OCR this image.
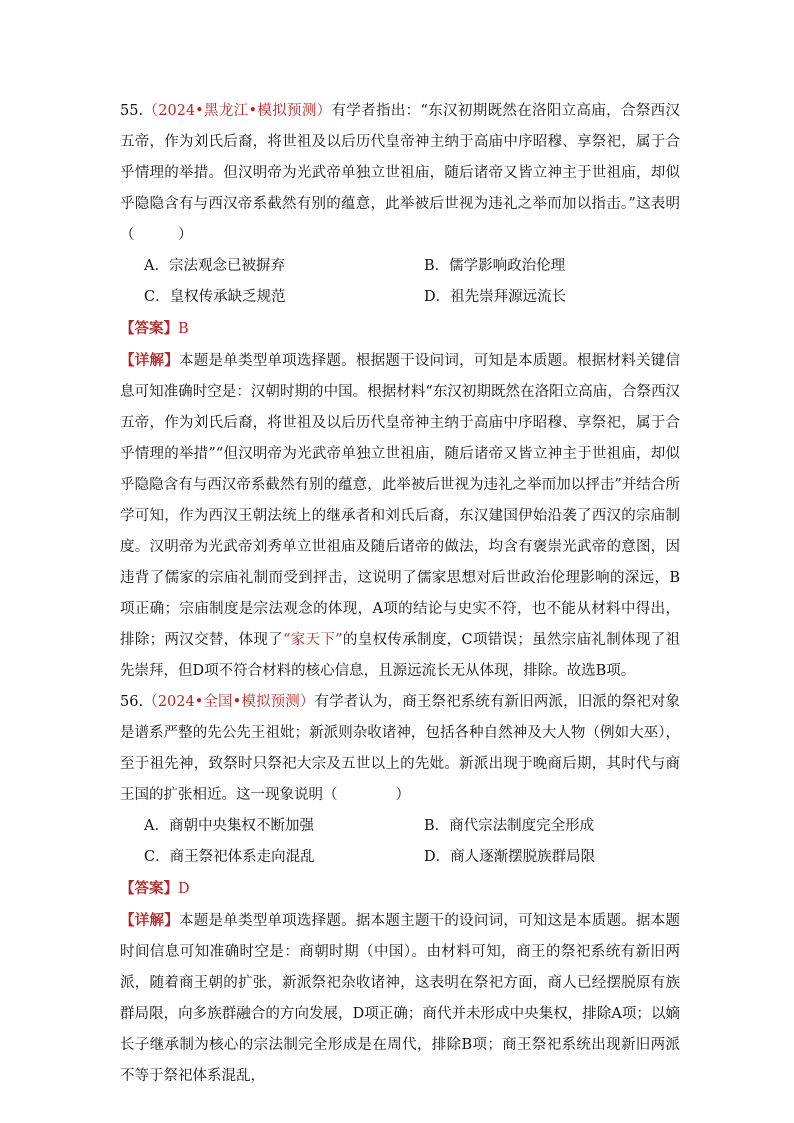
55.（2024•黑龙江•模拟预测）有学者指出：“东汉初期既然在洛阳立高庙，合祭西汉五帝，作为刘氏后裔，将世祖及以后历代皇帝神主纳于高庙中序昭穆、享祭祀，属于合乎情理的举措。但汉明帝为光武帝单独立世祖庙，随后诸帝又皆立神主于世祖庙，却似乎隐隐含有与西汉帝系截然有别的蕴意，此举被后世视为违礼之举而加以指击。”这表明（　　　）

A．宗法观念已被摒弃	B．儒学影响政治伦理
C．皇权传承缺乏规范	D．祖先崇拜源远流长
【答案】B

【详解】本题是单类型单项选择题。根据题干设问词，可知是本质题。根据材料关键信息可知准确时空是：汉朝时期的中国。根据材料“东汉初期既然在洛阳立高庙，合祭西汉五帝，作为刘氏后裔，将世祖及以后历代皇帝神主纳于高庙中序昭穆、享祭祀，属于合乎情理的举措”“但汉明帝为光武帝单独立世祖庙，随后诸帝又皆立神主于世祖庙，却似乎隐隐含有与西汉帝系截然有别的蕴意，此举被后世视为违礼之举而加以抨击”并结合所学可知，作为西汉王朝法统上的继承者和刘氏后裔，东汉建国伊始沿袭了西汉的宗庙制度。汉明帝为光武帝刘秀单立世祖庙及随后诸帝的做法，均含有褒崇光武帝的意图，因违背了儒家的宗庙礼制而受到抨击，这说明了儒家思想对后世政治伦理影响的深远，B项正确；宗庙制度是宗法观念的体现，A项的结论与史实不符，也不能从材料中得出，排除；两汉交替，体现了“家天下”的皇权传承制度，C项错误；虽然宗庙礼制体现了祖先崇拜，但D项不符合材料的核心信息，且源远流长无从体现，排除。故选B项。

56.（2024•全国•模拟预测）有学者认为，商王祭祀系统有新旧两派，旧派的祭祀对象是谱系严整的先公先王祖妣；新派则杂收诸神，包括各种自然神及大人物（例如大巫），至于祖先神，致祭时只祭祀大宗及五世以上的先妣。新派出现于晚商后期，其时代与商王国的扩张相近。这一现象说明（　　　　）

A．商朝中央集权不断加强	B．商代宗法制度完全形成
C．商王祭祀体系走向混乱	D．商人逐渐摆脱族群局限
【答案】D

【详解】本题是单类型单项选择题。据本题主题干的设问词，可知这是本质题。据本题时间信息可知准确时空是：商朝时期（中国）。由材料可知，商王的祭祀系统有新旧两派，随着商王朝的扩张，新派祭祀杂收诸神，这表明在祭祀方面，商人已经摆脱原有族群局限，向多族群融合的方向发展，D项正确；商代并未形成中央集权，排除A项；以嫡长子继承制为核心的宗法制完全形成是在周代，排除B项；商王祭祀系统出现新旧两派不等于祭祀体系混乱，
